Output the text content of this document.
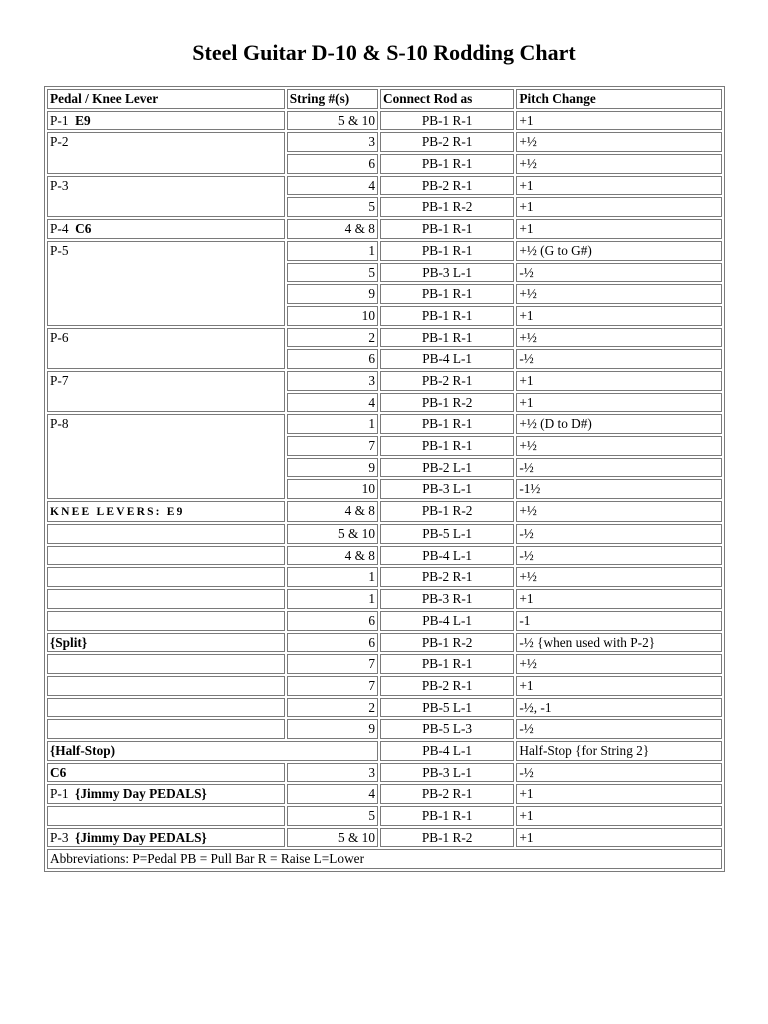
Steel Guitar D-10 & S-10 Rodding Chart
Pedal / Knee Lever	String #(s)	Connect Rod as	Pitch Change
P-1 E9	5 & 10	PB-1 R-1	+1
P-2	3	PB-2 R-1	+½
	6	PB-1 R-1	+½
P-3	4	PB-2 R-1	+1
	5	PB-1 R-2	+1
P-4 C6	4 & 8	PB-1 R-1	+1
P-5	1	PB-1 R-1	+½ (G to G#)
	5	PB-3 L-1	-½
	9	PB-1 R-1	+½
	10	PB-1 R-1	+1
P-6	2	PB-1 R-1	+½
	6	PB-4 L-1	-½
P-7	3	PB-2 R-1	+1
	4	PB-1 R-2	+1
P-8	1	PB-1 R-1	+½ (D to D#)
	7	PB-1 R-1	+½
	9	PB-2 L-1	-½
	10	PB-3 L-1	-1½
KNEE LEVERS: E9	4 & 8	PB-1 R-2	+½
	5 & 10	PB-5 L-1	-½
	4 & 8	PB-4 L-1	-½
	1	PB-2 R-1	+½
	1	PB-3 R-1	+1
	6	PB-4 L-1	-1
{Split}	6	PB-1 R-2	-½ {when used with P-2}
	7	PB-1 R-1	+½
	7	PB-2 R-1	+1
	2	PB-5 L-1	-½, -1
	9	PB-5 L-3	-½
{Half-Stop)		PB-4 L-1	Half-Stop {for String 2}
C6	3	PB-3 L-1	-½
P-1 {Jimmy Day PEDALS}	4	PB-2 R-1	+1
	5	PB-1 R-1	+1
P-3 {Jimmy Day PEDALS}	5 & 10	PB-1 R-2	+1
Abbreviations: P=Pedal PB = Pull Bar R = Raise L=Lower			
